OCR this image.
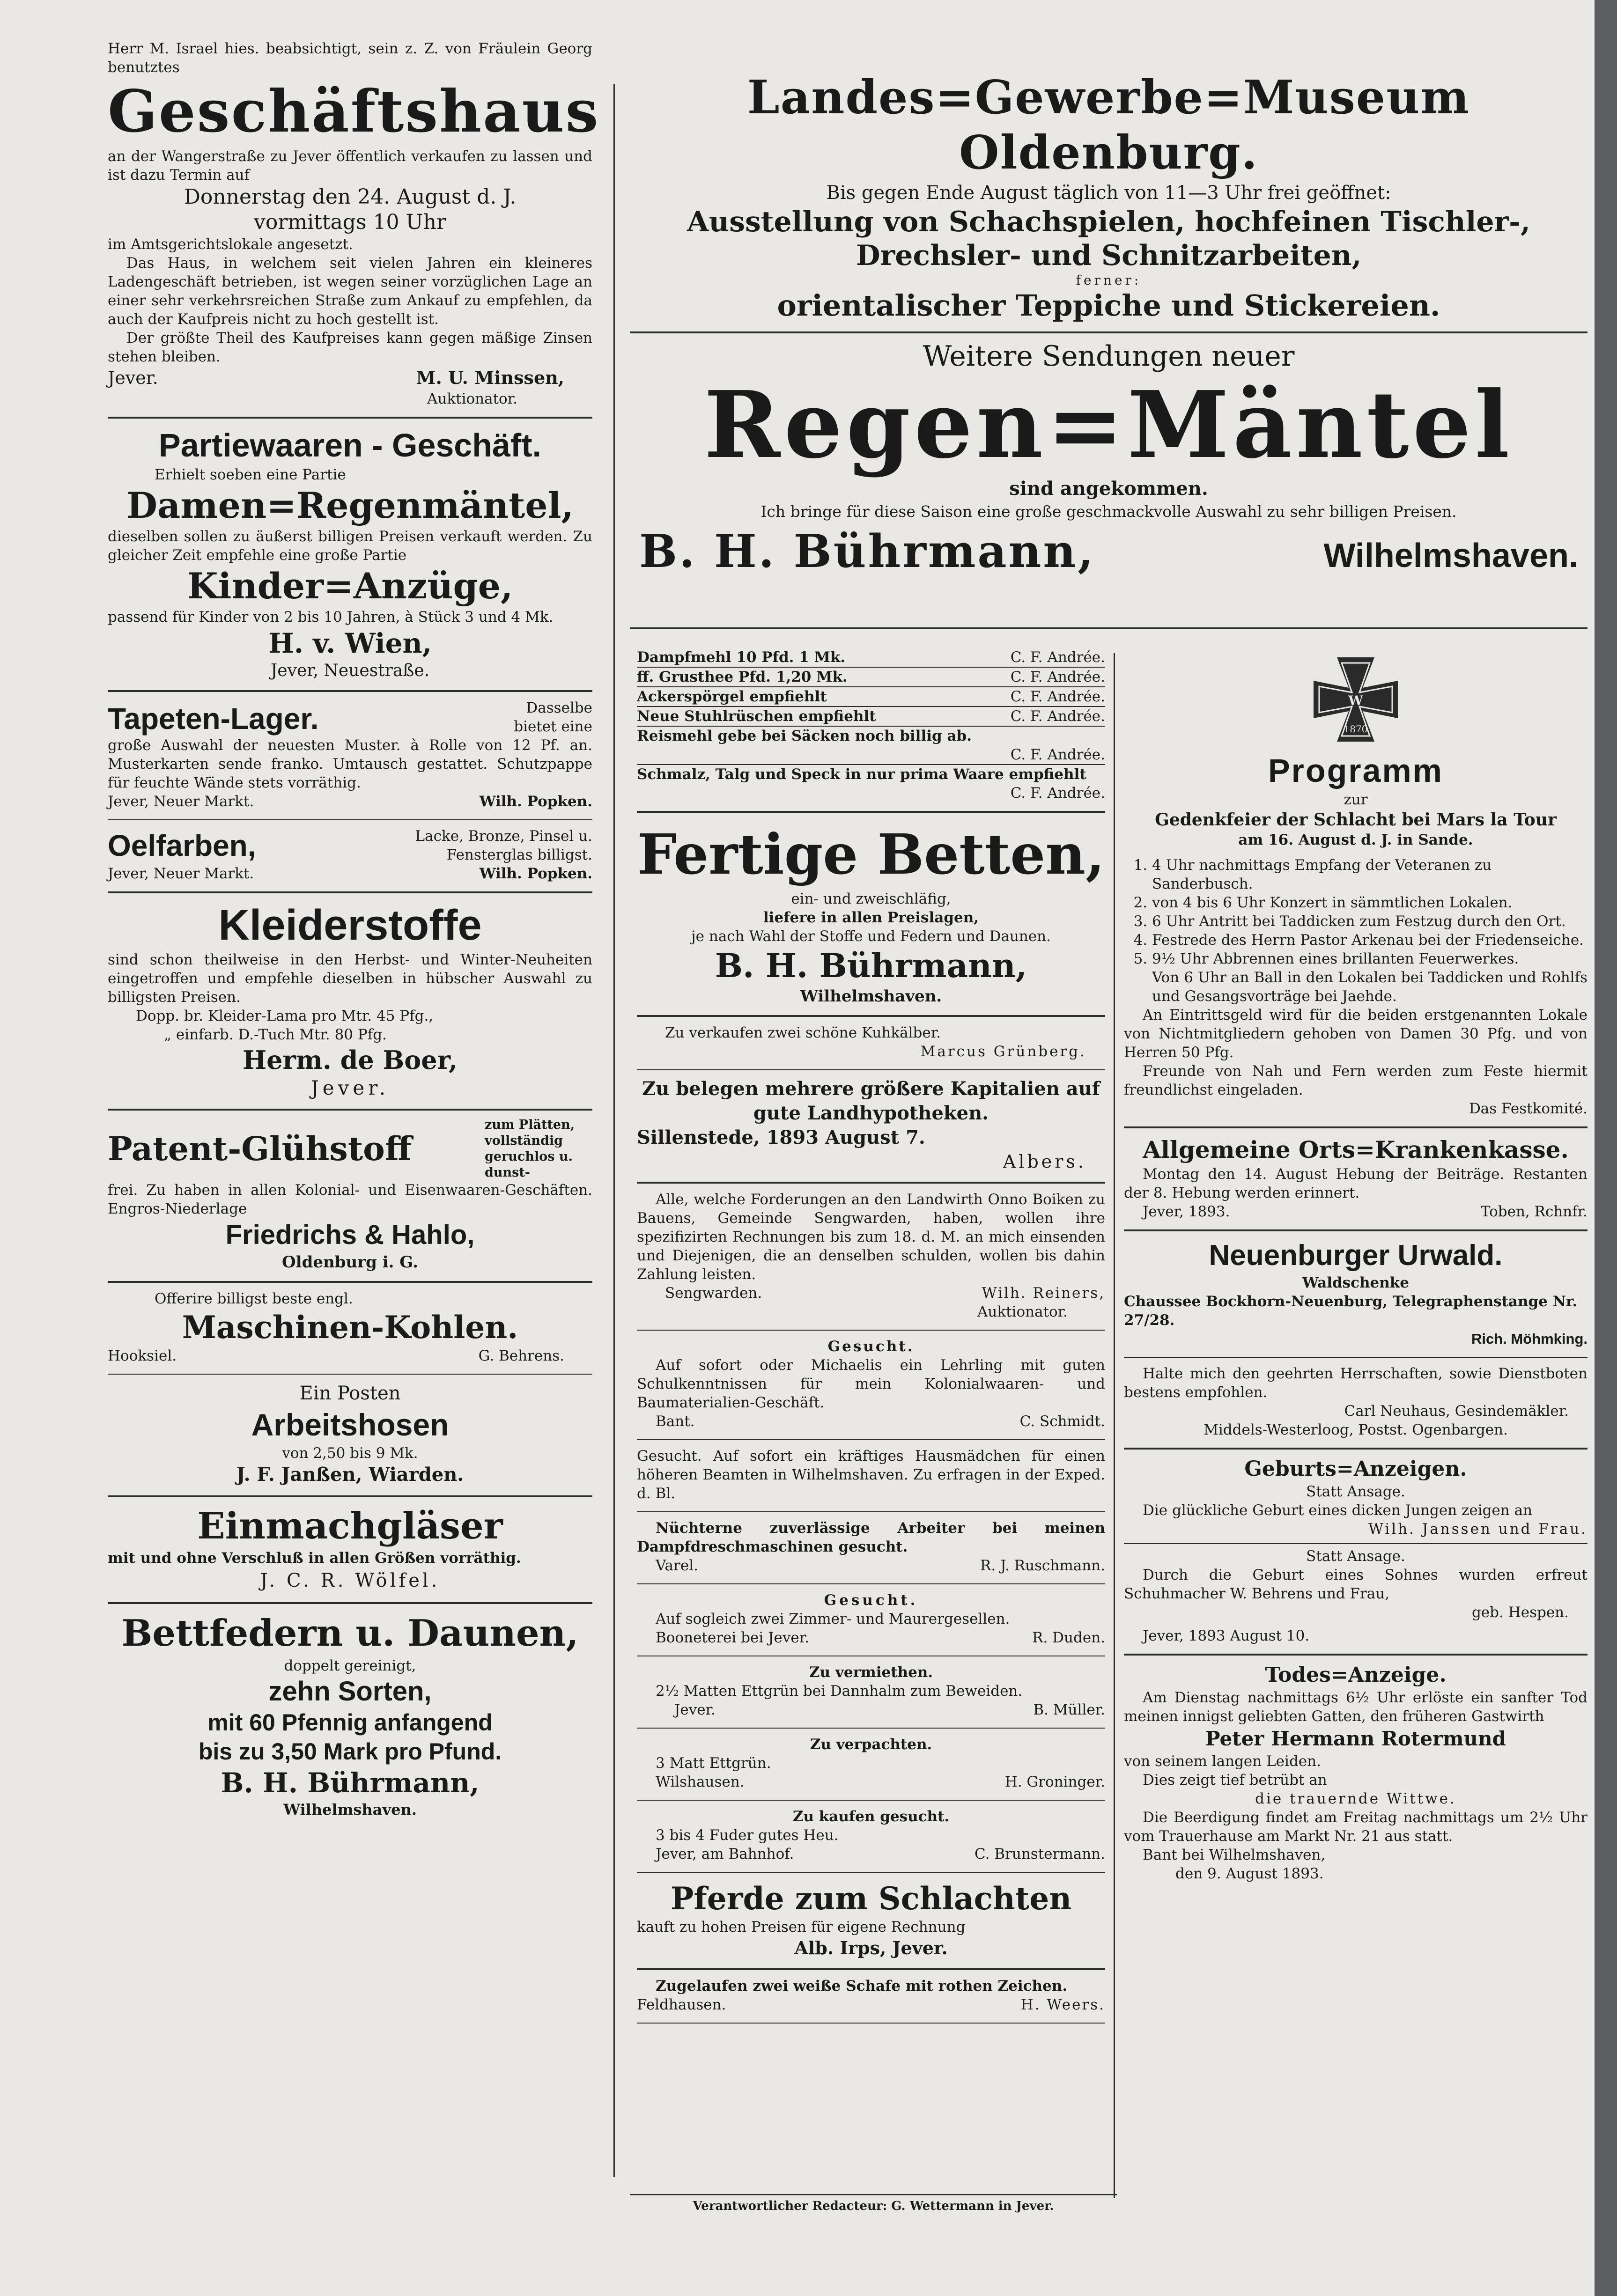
Herr M. Israel hies. beabsichtigt, sein z. Z. von Fräulein Georg benutztes

Geschäftshaus

an der Wangerstraße zu Jever öffentlich verkaufen zu lassen und ist dazu Termin auf

Donnerstag den 24. August d. J.

vormittags 10 Uhr

im Amtsgerichtslokale angesetzt.

Das Haus, in welchem seit vielen Jahren ein kleineres Ladengeschäft betrieben, ist wegen seiner vorzüglichen Lage an einer sehr verkehrsreichen Straße zum Ankauf zu empfehlen, da auch der Kaufpreis nicht zu hoch gestellt ist.

Der größte Theil des Kaufpreises kann gegen mäßige Zinsen stehen bleiben.

Jever.	M. U. Minssen,

Auktionator.

Partiewaaren - Geschäft.

Erhielt soeben eine Partie

Damen=Regenmäntel,

dieselben sollen zu äußerst billigen Preisen verkauft werden. Zu gleicher Zeit empfehle eine große Partie

Kinder=Anzüge,

passend für Kinder von 2 bis 10 Jahren, à Stück 3 und 4 Mk.

H. v. Wien,

Jever, Neuestraße.

Tapeten-Lager.	Dasselbe bietet eine

große Auswahl der neuesten Muster. à Rolle von 12 Pf. an. Musterkarten sende franko. Umtausch gestattet. Schutzpappe für feuchte Wände stets vorräthig.

Jever, Neuer Markt.	Wilh. Popken.
Oelfarben,	Lacke, Bronze, Pinsel u. Fensterglas billigst.
Jever, Neuer Markt.	Wilh. Popken.

Kleiderstoffe

sind schon theilweise in den Herbst- und Winter-Neuheiten eingetroffen und empfehle dieselben in hübscher Auswahl zu billigsten Preisen.

Dopp. br. Kleider-Lama pro Mtr. 45 Pfg.,

„ einfarb. D.-Tuch Mtr. 80 Pfg.

Herm. de Boer,

Jever.

Patent-Glühstoff
zum Plätten, vollständig geruchlos u. dunst-

frei. Zu haben in allen Kolonial- und Eisenwaaren-Geschäften. Engros-Niederlage

Friedrichs & Hahlo,

Oldenburg i. G.

Offerire billigst beste engl.

Maschinen-Kohlen.

Hooksiel.	G. Behrens.

Ein Posten

Arbeitshosen

von 2,50 bis 9 Mk.

J. F. Janßen, Wiarden.

Einmachgläser

mit und ohne Verschluß in allen Größen vorräthig.

J. C. R. Wölfel.

Bettfedern u. Daunen,

doppelt gereinigt,

zehn Sorten,

mit 60 Pfennig anfangend

bis zu 3,50 Mark pro Pfund.

B. H. Bührmann,

Wilhelmshaven.

Landes=Gewerbe=Museum Oldenburg.

Bis gegen Ende August täglich von 11—3 Uhr frei geöffnet:

Ausstellung von Schachspielen, hochfeinen Tischler-, Drechsler- und Schnitzarbeiten,

ferner:

orientalischer Teppiche und Stickereien.

Weitere Sendungen neuer

Regen=Mäntel

sind angekommen.

Ich bringe für diese Saison eine große geschmackvolle Auswahl zu sehr billigen Preisen.

B. H. Bührmann,	Wilhelmshaven.
Dampfmehl 10 Pfd. 1 Mk.	C. F. Andrée.
ff. Grusthee Pfd. 1,20 Mk.	C. F. Andrée.
Ackerspörgel empfiehlt	C. F. Andrée.
Neue Stuhlrüschen empfiehlt	C. F. Andrée.

Reismehl gebe bei Säcken noch billig ab.

C. F. Andrée.

Schmalz, Talg und Speck in nur prima Waare empfiehlt

C. F. Andrée.

Fertige Betten,

ein- und zweischläfig,

liefere in allen Preislagen,

je nach Wahl der Stoffe und Federn und Daunen.

B. H. Bührmann,

Wilhelmshaven.

Zu verkaufen zwei schöne Kuhkälber.

Marcus Grünberg.

Zu belegen mehrere größere Kapitalien auf gute Landhypotheken.

Sillenstede, 1893 August 7.

Albers.

Alle, welche Forderungen an den Landwirth Onno Boiken zu Bauens, Gemeinde Sengwarden, haben, wollen ihre spezifizirten Rechnungen bis zum 18. d. M. an mich einsenden und Diejenigen, die an denselben schulden, wollen bis dahin Zahlung leisten.

Sengwarden.	Wilh. Reiners,

Auktionator.

Gesucht.

Auf sofort oder Michaelis ein Lehrling mit guten Schulkenntnissen für mein Kolonialwaaren- und Baumaterialien-Geschäft.

Bant.	C. Schmidt.

Gesucht. Auf sofort ein kräftiges Hausmädchen für einen höheren Beamten in Wilhelmshaven. Zu erfragen in der Exped. d. Bl.

Nüchterne zuverlässige Arbeiter bei meinen Dampfdreschmaschinen gesucht.

Varel.	R. J. Ruschmann.

Gesucht.

Auf sogleich zwei Zimmer- und Maurergesellen.

Booneterei bei Jever.	R. Duden.

Zu vermiethen.

2½ Matten Ettgrün bei Dannhalm zum Beweiden.

Jever.	B. Müller.

Zu verpachten.

3 Matt Ettgrün.

Wilshausen.	H. Groninger.

Zu kaufen gesucht.

3 bis 4 Fuder gutes Heu.

Jever, am Bahnhof.	C. Brunstermann.

Pferde zum Schlachten

kauft zu hohen Preisen für eigene Rechnung

Alb. Irps, Jever.

Zugelaufen zwei weiße Schafe mit rothen Zeichen.

Feldhausen.	H. Weers.
W
1870

Programm

zur

Gedenkfeier der Schlacht bei Mars la Tour

am 16. August d. J. in Sande.

1. 4 Uhr nachmittags Empfang der Veteranen zu Sanderbusch.
2. von 4 bis 6 Uhr Konzert in sämmtlichen Lokalen.
3. 6 Uhr Antritt bei Taddicken zum Festzug durch den Ort.
4. Festrede des Herrn Pastor Arkenau bei der Friedenseiche.
5. 9½ Uhr Abbrennen eines brillanten Feuerwerkes.

Von 6 Uhr an Ball in den Lokalen bei Taddicken und Rohlfs und Gesangsvorträge bei Jaehde.

An Eintrittsgeld wird für die beiden erstgenannten Lokale von Nichtmitgliedern gehoben von Damen 30 Pfg. und von Herren 50 Pfg.

Freunde von Nah und Fern werden zum Feste hiermit freundlichst eingeladen.

Das Festkomité.

Allgemeine Orts=Krankenkasse.

Montag den 14. August Hebung der Beiträge. Restanten der 8. Hebung werden erinnert.

Jever, 1893.	Toben, Rchnfr.

Neuenburger Urwald.

Waldschenke

Chaussee Bockhorn-Neuenburg, Telegraphenstange Nr. 27/28.

Rich. Möhmking.

Halte mich den geehrten Herrschaften, sowie Dienstboten bestens empfohlen.

Carl Neuhaus, Gesindemäkler.

Middels-Westerloog, Postst. Ogenbargen.

Geburts=Anzeigen.

Statt Ansage.

Die glückliche Geburt eines dicken Jungen zeigen an

Wilh. Janssen und Frau.

Statt Ansage.

Durch die Geburt eines Sohnes wurden erfreut Schuhmacher W. Behrens und Frau,

geb. Hespen.

Jever, 1893 August 10.

Todes=Anzeige.

Am Dienstag nachmittags 6½ Uhr erlöste ein sanfter Tod meinen innigst geliebten Gatten, den früheren Gastwirth

Peter Hermann Rotermund

von seinem langen Leiden.

Dies zeigt tief betrübt an

die trauernde Wittwe.

Die Beerdigung findet am Freitag nachmittags um 2½ Uhr vom Trauerhause am Markt Nr. 21 aus statt.

Bant bei Wilhelmshaven,

den 9. August 1893.

Verantwortlicher Redacteur: G. Wettermann in Jever.
